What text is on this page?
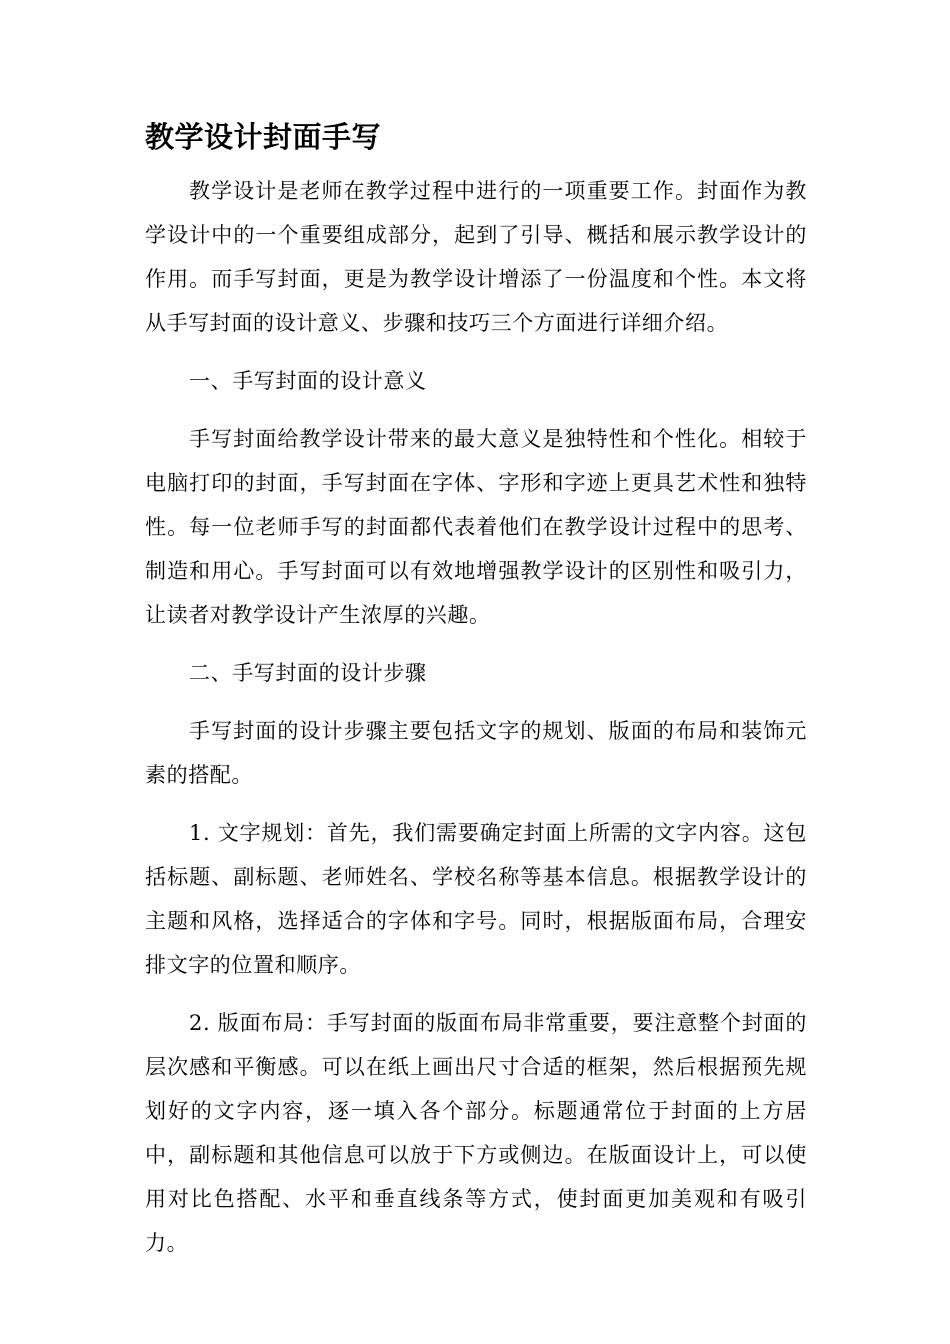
教学设计封面手写

教学设计是老师在教学过程中进行的一项重要工作。封面作为教学设计中的一个重要组成部分，起到了引导、概括和展示教学设计的作用。而手写封面，更是为教学设计增添了一份温度和个性。本文将从手写封面的设计意义、步骤和技巧三个方面进行详细介绍。

一、手写封面的设计意义

手写封面给教学设计带来的最大意义是独特性和个性化。相较于电脑打印的封面，手写封面在字体、字形和字迹上更具艺术性和独特性。每一位老师手写的封面都代表着他们在教学设计过程中的思考、制造和用心。手写封面可以有效地增强教学设计的区别性和吸引力，让读者对教学设计产生浓厚的兴趣。

二、手写封面的设计步骤

手写封面的设计步骤主要包括文字的规划、版面的布局和装饰元素的搭配。

1. 文字规划：首先，我们需要确定封面上所需的文字内容。这包括标题、副标题、老师姓名、学校名称等基本信息。根据教学设计的主题和风格，选择适合的字体和字号。同时，根据版面布局，合理安排文字的位置和顺序。

2. 版面布局：手写封面的版面布局非常重要，要注意整个封面的层次感和平衡感。可以在纸上画出尺寸合适的框架，然后根据预先规划好的文字内容，逐一填入各个部分。标题通常位于封面的上方居中，副标题和其他信息可以放于下方或侧边。在版面设计上，可以使用对比色搭配、水平和垂直线条等方式，使封面更加美观和有吸引力。
